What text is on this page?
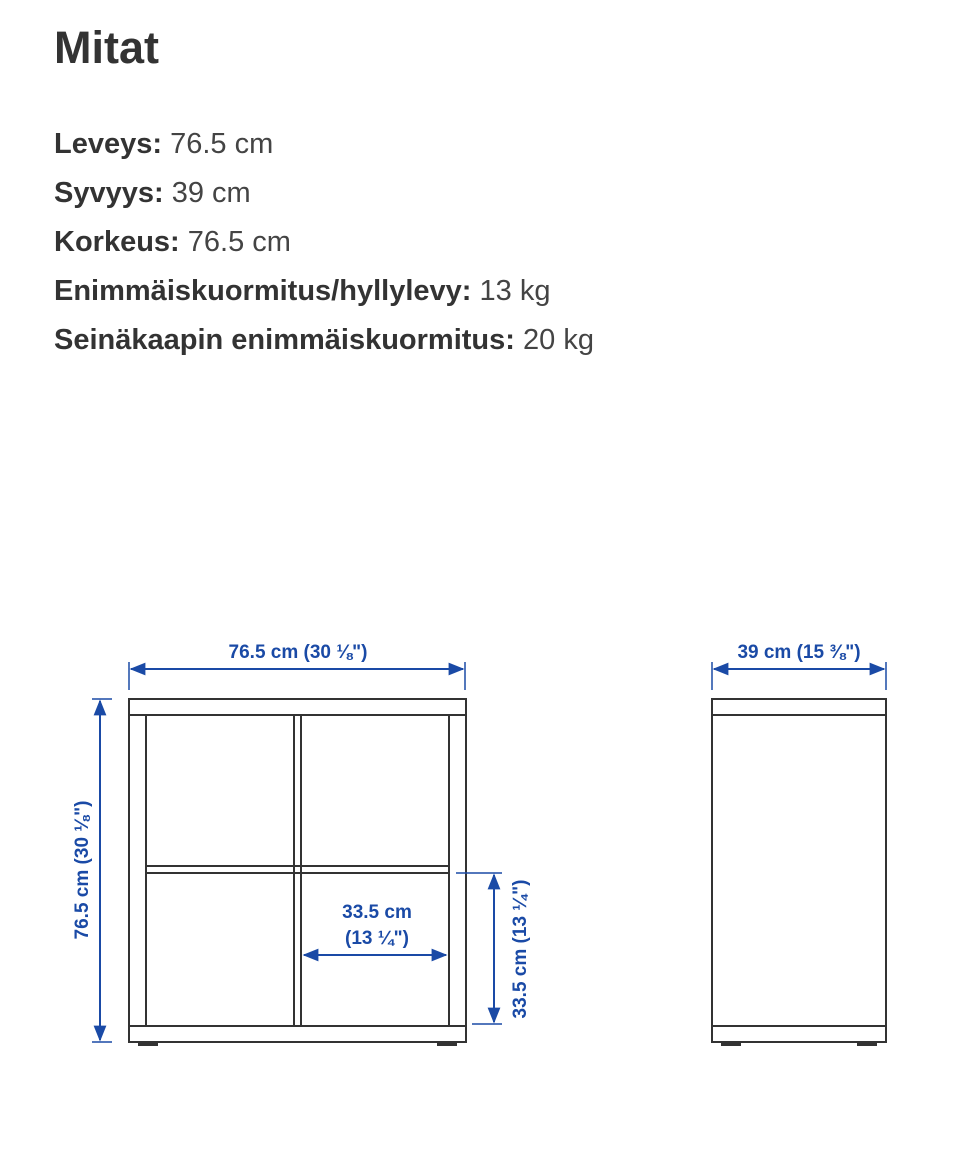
Mitat
Leveys: 76.5 cm
Syvyys: 39 cm
Korkeus: 76.5 cm
Enimmäiskuormitus/hyllylevy: 13 kg
Seinäkaapin enimmäiskuormitus: 20 kg
76.5 cm (30 ⅛")
76.5 cm (30 ⅛")	33.5 cm
(13 ¼")	33.5 cm (13 ¼")
39 cm (15 ⅜")
